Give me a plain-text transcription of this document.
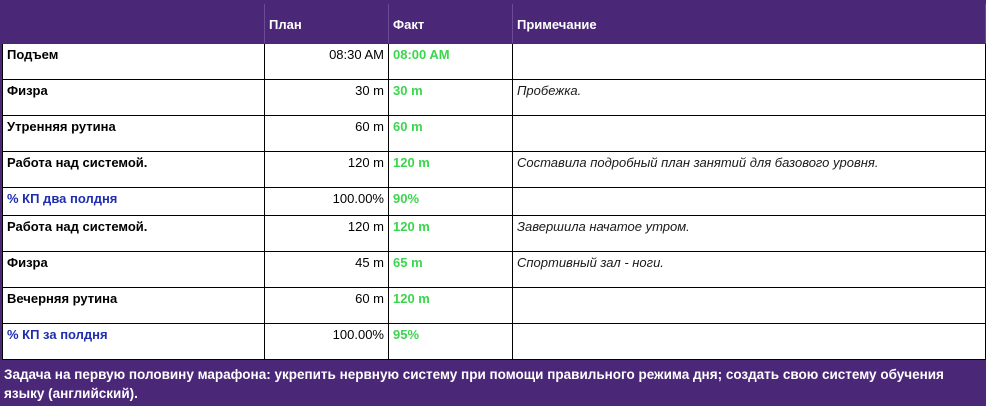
	План	Факт	Примечание
Подъем	08:30 AM	08:00 AM	
Физра	30 m	30 m	Пробежка.
Утренняя рутина	60 m	60 m	
Работа над системой.	120 m	120 m	Составила подробный план занятий для базового уровня.
% КП два полдня	100.00%	90%	
Работа над системой.	120 m	120 m	Завершила начатое утром.
Физра	45 m	65 m	Спортивный зал - ноги.
Вечерняя рутина	60 m	120 m	
% КП за полдня	100.00%	95%	
Задача на первую половину марафона: укрепить нервную систему при помощи правильного режима дня; создать свою систему обучения языку (английский).
